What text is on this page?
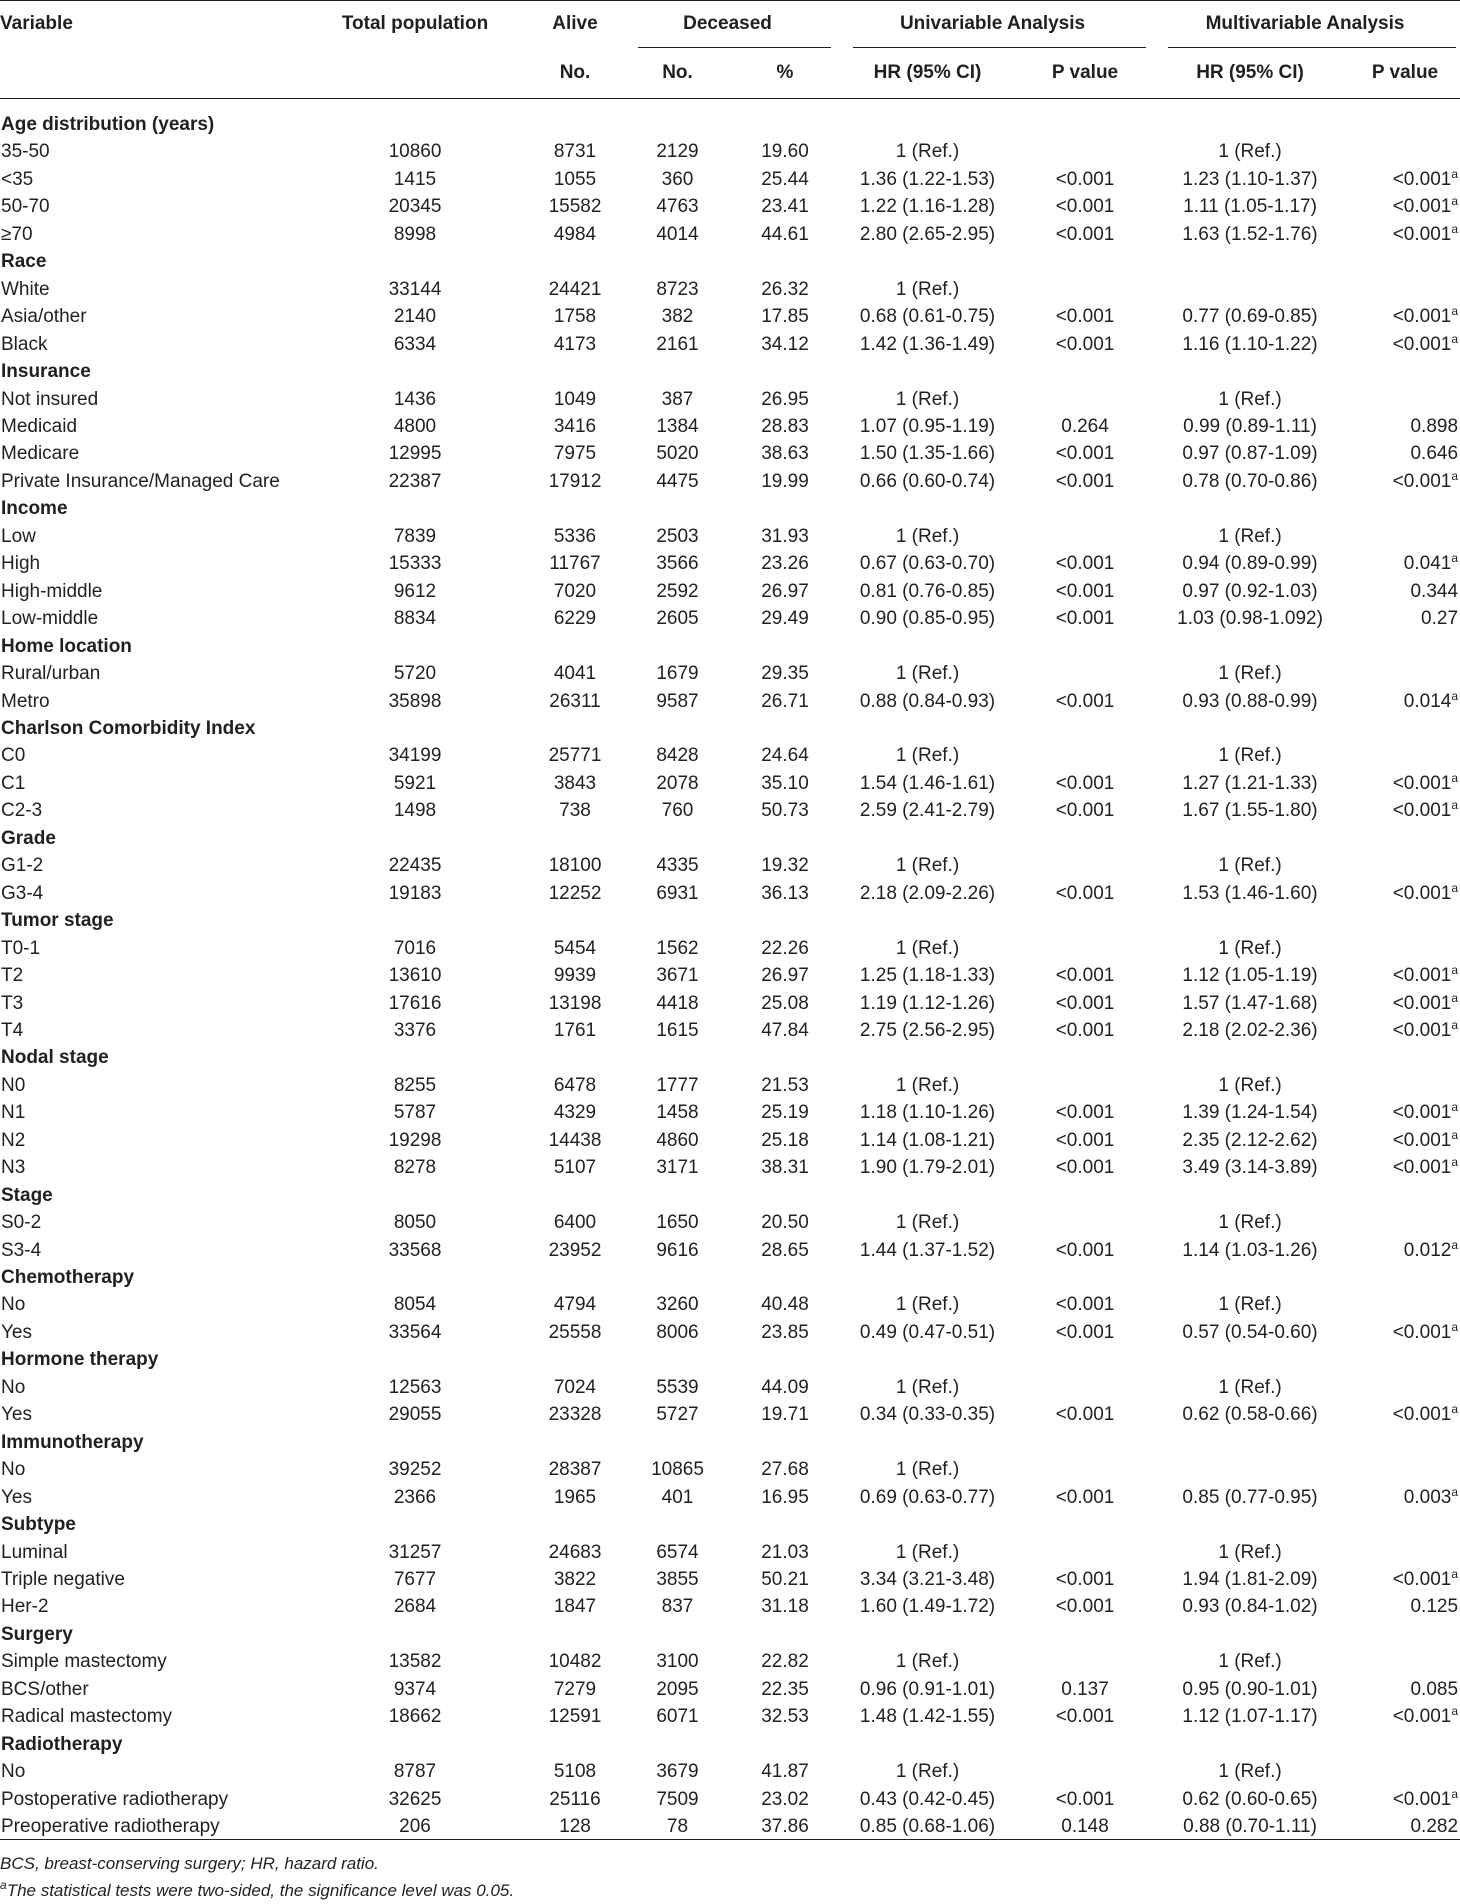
Variable	Total population	Alive	Deceased		Univariable Analysis		Multivariable Analysis	

		No.	No.	%	HR (95% CI)	P value	HR (95% CI)	P value
Age distribution (years)								
35-50	10860	8731	2129	19.60	1 (Ref.)		1 (Ref.)	
<35	1415	1055	360	25.44	1.36 (1.22-1.53)	<0.001	1.23 (1.10-1.37)	<0.001$^a$
50-70	20345	15582	4763	23.41	1.22 (1.16-1.28)	<0.001	1.11 (1.05-1.17)	<0.001$^a$
≥70	8998	4984	4014	44.61	2.80 (2.65-2.95)	<0.001	1.63 (1.52-1.76)	<0.001$^a$
Race								
White	33144	24421	8723	26.32	1 (Ref.)			
Asia/other	2140	1758	382	17.85	0.68 (0.61-0.75)	<0.001	0.77 (0.69-0.85)	<0.001$^a$
Black	6334	4173	2161	34.12	1.42 (1.36-1.49)	<0.001	1.16 (1.10-1.22)	<0.001$^a$
Insurance								
Not insured	1436	1049	387	26.95	1 (Ref.)		1 (Ref.)	
Medicaid	4800	3416	1384	28.83	1.07 (0.95-1.19)	0.264	0.99 (0.89-1.11)	0.898
Medicare	12995	7975	5020	38.63	1.50 (1.35-1.66)	<0.001	0.97 (0.87-1.09)	0.646
Private Insurance/Managed Care	22387	17912	4475	19.99	0.66 (0.60-0.74)	<0.001	0.78 (0.70-0.86)	<0.001$^a$
Income								
Low	7839	5336	2503	31.93	1 (Ref.)		1 (Ref.)	
High	15333	11767	3566	23.26	0.67 (0.63-0.70)	<0.001	0.94 (0.89-0.99)	0.041$^a$
High-middle	9612	7020	2592	26.97	0.81 (0.76-0.85)	<0.001	0.97 (0.92-1.03)	0.344
Low-middle	8834	6229	2605	29.49	0.90 (0.85-0.95)	<0.001	1.03 (0.98-1.092)	0.27
Home location								
Rural/urban	5720	4041	1679	29.35	1 (Ref.)		1 (Ref.)	
Metro	35898	26311	9587	26.71	0.88 (0.84-0.93)	<0.001	0.93 (0.88-0.99)	0.014$^a$
Charlson Comorbidity Index								
C0	34199	25771	8428	24.64	1 (Ref.)		1 (Ref.)	
C1	5921	3843	2078	35.10	1.54 (1.46-1.61)	<0.001	1.27 (1.21-1.33)	<0.001$^a$
C2-3	1498	738	760	50.73	2.59 (2.41-2.79)	<0.001	1.67 (1.55-1.80)	<0.001$^a$
Grade								
G1-2	22435	18100	4335	19.32	1 (Ref.)		1 (Ref.)	
G3-4	19183	12252	6931	36.13	2.18 (2.09-2.26)	<0.001	1.53 (1.46-1.60)	<0.001$^a$
Tumor stage								
T0-1	7016	5454	1562	22.26	1 (Ref.)		1 (Ref.)	
T2	13610	9939	3671	26.97	1.25 (1.18-1.33)	<0.001	1.12 (1.05-1.19)	<0.001$^a$
T3	17616	13198	4418	25.08	1.19 (1.12-1.26)	<0.001	1.57 (1.47-1.68)	<0.001$^a$
T4	3376	1761	1615	47.84	2.75 (2.56-2.95)	<0.001	2.18 (2.02-2.36)	<0.001$^a$
Nodal stage								
N0	8255	6478	1777	21.53	1 (Ref.)		1 (Ref.)	
N1	5787	4329	1458	25.19	1.18 (1.10-1.26)	<0.001	1.39 (1.24-1.54)	<0.001$^a$
N2	19298	14438	4860	25.18	1.14 (1.08-1.21)	<0.001	2.35 (2.12-2.62)	<0.001$^a$
N3	8278	5107	3171	38.31	1.90 (1.79-2.01)	<0.001	3.49 (3.14-3.89)	<0.001$^a$
Stage								
S0-2	8050	6400	1650	20.50	1 (Ref.)		1 (Ref.)	
S3-4	33568	23952	9616	28.65	1.44 (1.37-1.52)	<0.001	1.14 (1.03-1.26)	0.012$^a$
Chemotherapy								
No	8054	4794	3260	40.48	1 (Ref.)	<0.001	1 (Ref.)	
Yes	33564	25558	8006	23.85	0.49 (0.47-0.51)	<0.001	0.57 (0.54-0.60)	<0.001$^a$
Hormone therapy								
No	12563	7024	5539	44.09	1 (Ref.)		1 (Ref.)	
Yes	29055	23328	5727	19.71	0.34 (0.33-0.35)	<0.001	0.62 (0.58-0.66)	<0.001$^a$
Immunotherapy								
No	39252	28387	10865	27.68	1 (Ref.)			
Yes	2366	1965	401	16.95	0.69 (0.63-0.77)	<0.001	0.85 (0.77-0.95)	0.003$^a$
Subtype								
Luminal	31257	24683	6574	21.03	1 (Ref.)		1 (Ref.)	
Triple negative	7677	3822	3855	50.21	3.34 (3.21-3.48)	<0.001	1.94 (1.81-2.09)	<0.001$^a$
Her-2	2684	1847	837	31.18	1.60 (1.49-1.72)	<0.001	0.93 (0.84-1.02)	0.125
Surgery								
Simple mastectomy	13582	10482	3100	22.82	1 (Ref.)		1 (Ref.)	
BCS/other	9374	7279	2095	22.35	0.96 (0.91-1.01)	0.137	0.95 (0.90-1.01)	0.085
Radical mastectomy	18662	12591	6071	32.53	1.48 (1.42-1.55)	<0.001	1.12 (1.07-1.17)	<0.001$^a$
Radiotherapy								
No	8787	5108	3679	41.87	1 (Ref.)		1 (Ref.)	
Postoperative radiotherapy	32625	25116	7509	23.02	0.43 (0.42-0.45)	<0.001	0.62 (0.60-0.65)	<0.001$^a$
Preoperative radiotherapy	206	128	78	37.86	0.85 (0.68-1.06)	0.148	0.88 (0.70-1.11)	0.282
BCS, breast-conserving surgery; HR, hazard ratio.
$^a$The statistical tests were two-sided, the significance level was 0.05.
